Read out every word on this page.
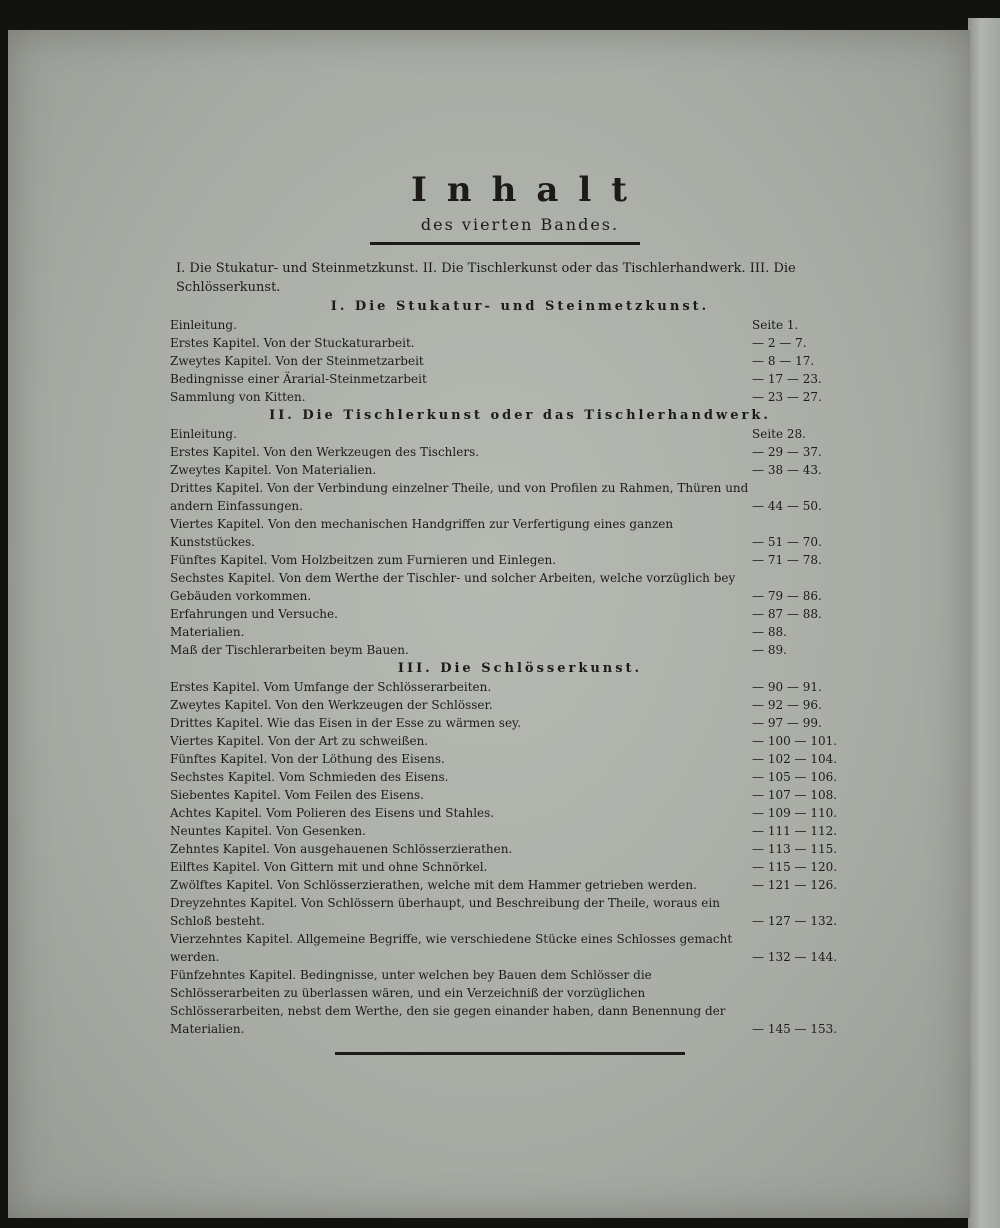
Inhalt
des vierten Bandes.
I. Die Stukatur- und Steinmetzkunst. II. Die Tischlerkunst oder das Tischlerhandwerk. III. Die Schlösserkunst.
I. Die Stukatur- und Steinmetzkunst.
Einleitung.	Seite 1.
Erstes Kapitel. Von der Stuckaturarbeit.	— 2 — 7.
Zweytes Kapitel. Von der Steinmetzarbeit	— 8 — 17.
Bedingnisse einer Ärarial-Steinmetzarbeit	— 17 — 23.
Sammlung von Kitten.	— 23 — 27.
II. Die Tischlerkunst oder das Tischlerhandwerk.
Einleitung.	Seite 28.
Erstes Kapitel. Von den Werkzeugen des Tischlers.	— 29 — 37.
Zweytes Kapitel. Von Materialien.	— 38 — 43.
Drittes Kapitel. Von der Verbindung einzelner Theile, und von Profilen zu Rahmen, Thüren und andern Einfassungen.	— 44 — 50.
Viertes Kapitel. Von den mechanischen Handgriffen zur Verfertigung eines ganzen Kunststückes.	— 51 — 70.
Fünftes Kapitel. Vom Holzbeitzen zum Furnieren und Einlegen.	— 71 — 78.
Sechstes Kapitel. Von dem Werthe der Tischler- und solcher Arbeiten, welche vorzüglich bey Gebäuden vorkommen.	— 79 — 86.
Erfahrungen und Versuche.	— 87 — 88.
Materialien.	— 88.
Maß der Tischlerarbeiten beym Bauen.	— 89.
III. Die Schlösserkunst.
Erstes Kapitel. Vom Umfange der Schlösserarbeiten.	— 90 — 91.
Zweytes Kapitel. Von den Werkzeugen der Schlösser.	— 92 — 96.
Drittes Kapitel. Wie das Eisen in der Esse zu wärmen sey.	— 97 — 99.
Viertes Kapitel. Von der Art zu schweißen.	— 100 — 101.
Fünftes Kapitel. Von der Löthung des Eisens.	— 102 — 104.
Sechstes Kapitel. Vom Schmieden des Eisens.	— 105 — 106.
Siebentes Kapitel. Vom Feilen des Eisens.	— 107 — 108.
Achtes Kapitel. Vom Polieren des Eisens und Stahles.	— 109 — 110.
Neuntes Kapitel. Von Gesenken.	— 111 — 112.
Zehntes Kapitel. Von ausgehauenen Schlösserzierathen.	— 113 — 115.
Eilftes Kapitel. Von Gittern mit und ohne Schnörkel.	— 115 — 120.
Zwölftes Kapitel. Von Schlösserzierathen, welche mit dem Hammer getrieben werden.	— 121 — 126.
Dreyzehntes Kapitel. Von Schlössern überhaupt, und Beschreibung der Theile, woraus ein Schloß besteht.	— 127 — 132.
Vierzehntes Kapitel. Allgemeine Begriffe, wie verschiedene Stücke eines Schlosses gemacht werden.	— 132 — 144.
Fünfzehntes Kapitel. Bedingnisse, unter welchen bey Bauen dem Schlösser die Schlösserarbeiten zu überlassen wären, und ein Verzeichniß der vorzüglichen Schlösserarbeiten, nebst dem Werthe, den sie gegen einander haben, dann Benennung der Materialien.	— 145 — 153.
